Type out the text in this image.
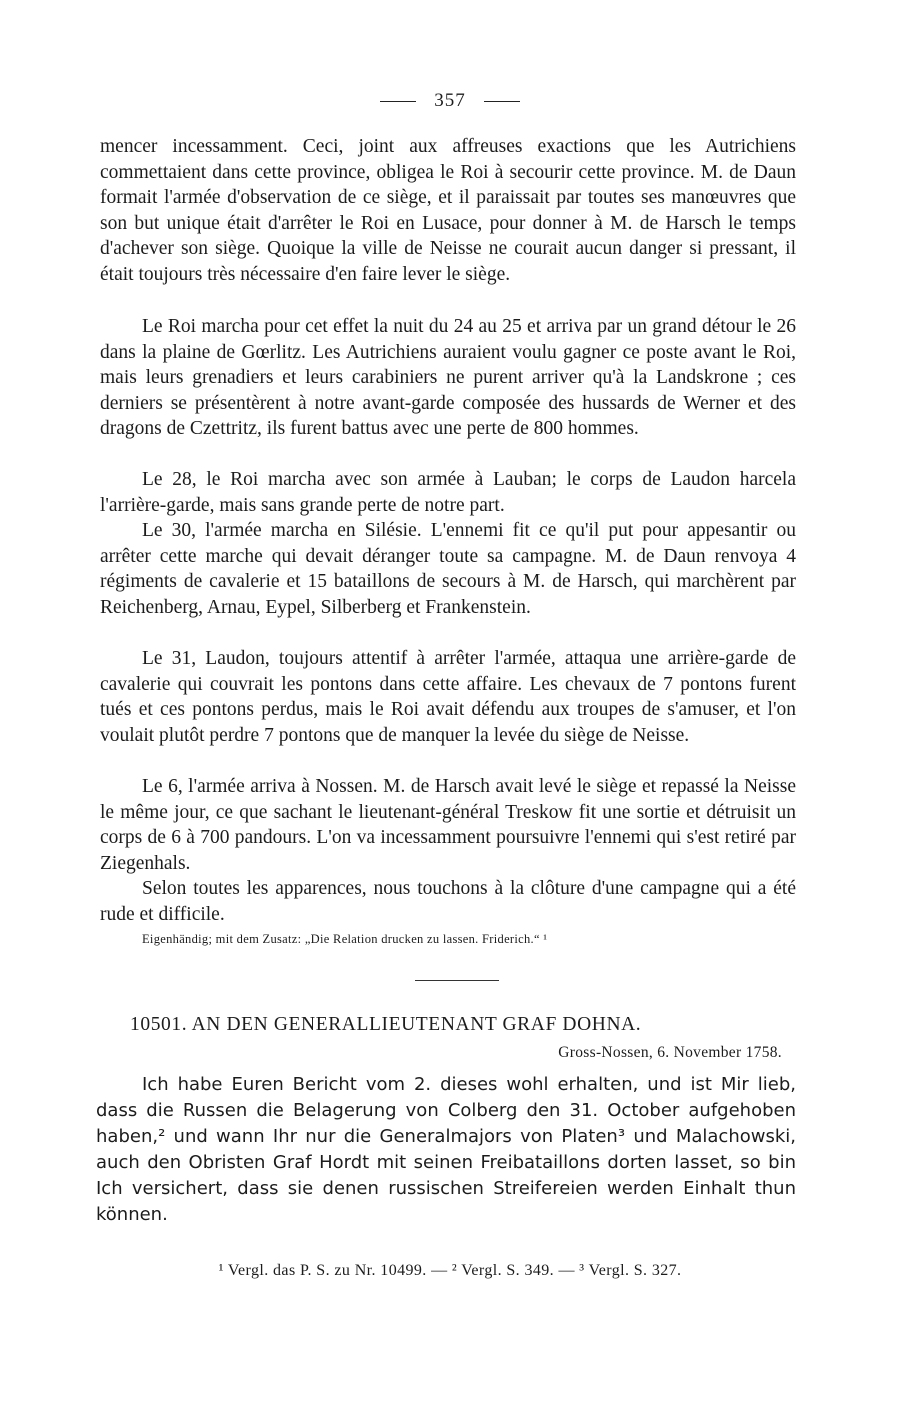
357

mencer incessamment. Ceci, joint aux affreuses exactions que les Autrichiens commettaient dans cette province, obligea le Roi à secourir cette province. M. de Daun formait l'armée d'observation de ce siège, et il paraissait par toutes ses manœuvres que son but unique était d'arrêter le Roi en Lusace, pour donner à M. de Harsch le temps d'achever son siège. Quoique la ville de Neisse ne courait aucun danger si pressant, il était toujours très nécessaire d'en faire lever le siège.

Le Roi marcha pour cet effet la nuit du 24 au 25 et arriva par un grand détour le 26 dans la plaine de Gœrlitz. Les Autrichiens auraient voulu gagner ce poste avant le Roi, mais leurs grenadiers et leurs carabiniers ne purent arriver qu'à la Landskrone ; ces derniers se présentèrent à notre avant-garde composée des hussards de Werner et des dragons de Czettritz, ils furent battus avec une perte de 800 hommes.

Le 28, le Roi marcha avec son armée à Lauban; le corps de Laudon harcela l'arrière-garde, mais sans grande perte de notre part.

Le 30, l'armée marcha en Silésie. L'ennemi fit ce qu'il put pour appesantir ou arrêter cette marche qui devait déranger toute sa campagne. M. de Daun renvoya 4 régiments de cavalerie et 15 bataillons de secours à M. de Harsch, qui marchèrent par Reichenberg, Arnau, Eypel, Silberberg et Frankenstein.

Le 31, Laudon, toujours attentif à arrêter l'armée, attaqua une arrière-garde de cavalerie qui couvrait les pontons dans cette affaire. Les chevaux de 7 pontons furent tués et ces pontons perdus, mais le Roi avait défendu aux troupes de s'amuser, et l'on voulait plutôt perdre 7 pontons que de manquer la levée du siège de Neisse.

Le 6, l'armée arriva à Nossen. M. de Harsch avait levé le siège et repassé la Neisse le même jour, ce que sachant le lieutenant-général Treskow fit une sortie et détruisit un corps de 6 à 700 pandours. L'on va incessamment poursuivre l'ennemi qui s'est retiré par Ziegenhals.

Selon toutes les apparences, nous touchons à la clôture d'une campagne qui a été rude et difficile.

Eigenhändig; mit dem Zusatz: „Die Relation drucken zu lassen. Friderich.“ ¹
10501. AN DEN GENERALLIEUTENANT GRAF DOHNA.
Gross-Nossen, 6. November 1758.

Ich habe Euren Bericht vom 2. dieses wohl erhalten, und ist Mir lieb, dass die Russen die Belagerung von Colberg den 31. October aufgehoben haben,² und wann Ihr nur die Generalmajors von Platen³ und Malachowski, auch den Obristen Graf Hordt mit seinen Freibataillons dorten lasset, so bin Ich versichert, dass sie denen russischen Streifereien werden Einhalt thun können.

¹ Vergl. das P. S. zu Nr. 10499. — ² Vergl. S. 349. — ³ Vergl. S. 327.
